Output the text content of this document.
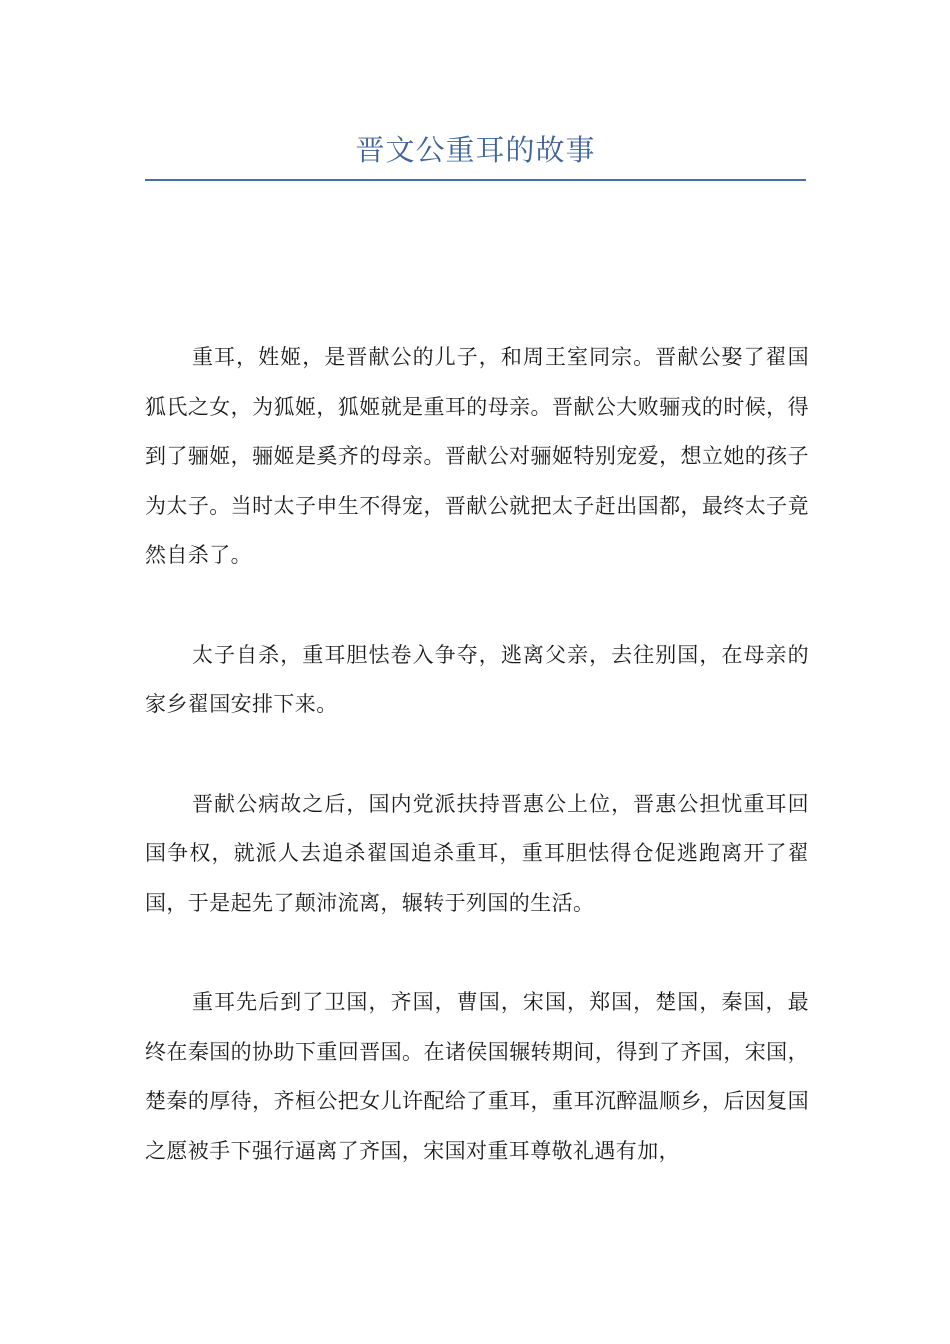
晋文公重耳的故事

重耳，姓姬，是晋献公的儿子，和周王室同宗。晋献公娶了翟国狐氏之女，为狐姬，狐姬就是重耳的母亲。晋献公大败骊戎的时候，得到了骊姬，骊姬是奚齐的母亲。晋献公对骊姬特别宠爱，想立她的孩子为太子。当时太子申生不得宠，晋献公就把太子赶出国都，最终太子竟然自杀了。

太子自杀，重耳胆怯卷入争夺，逃离父亲，去往别国，在母亲的家乡翟国安排下来。

晋献公病故之后，国内党派扶持晋惠公上位，晋惠公担忧重耳回国争权，就派人去追杀翟国追杀重耳，重耳胆怯得仓促逃跑离开了翟国，于是起先了颠沛流离，辗转于列国的生活。

重耳先后到了卫国，齐国，曹国，宋国，郑国，楚国，秦国，最终在秦国的协助下重回晋国。在诸侯国辗转期间，得到了齐国，宋国，楚秦的厚待，齐桓公把女儿许配给了重耳，重耳沉醉温顺乡，后因复国之愿被手下强行逼离了齐国，宋国对重耳尊敬礼遇有加，
